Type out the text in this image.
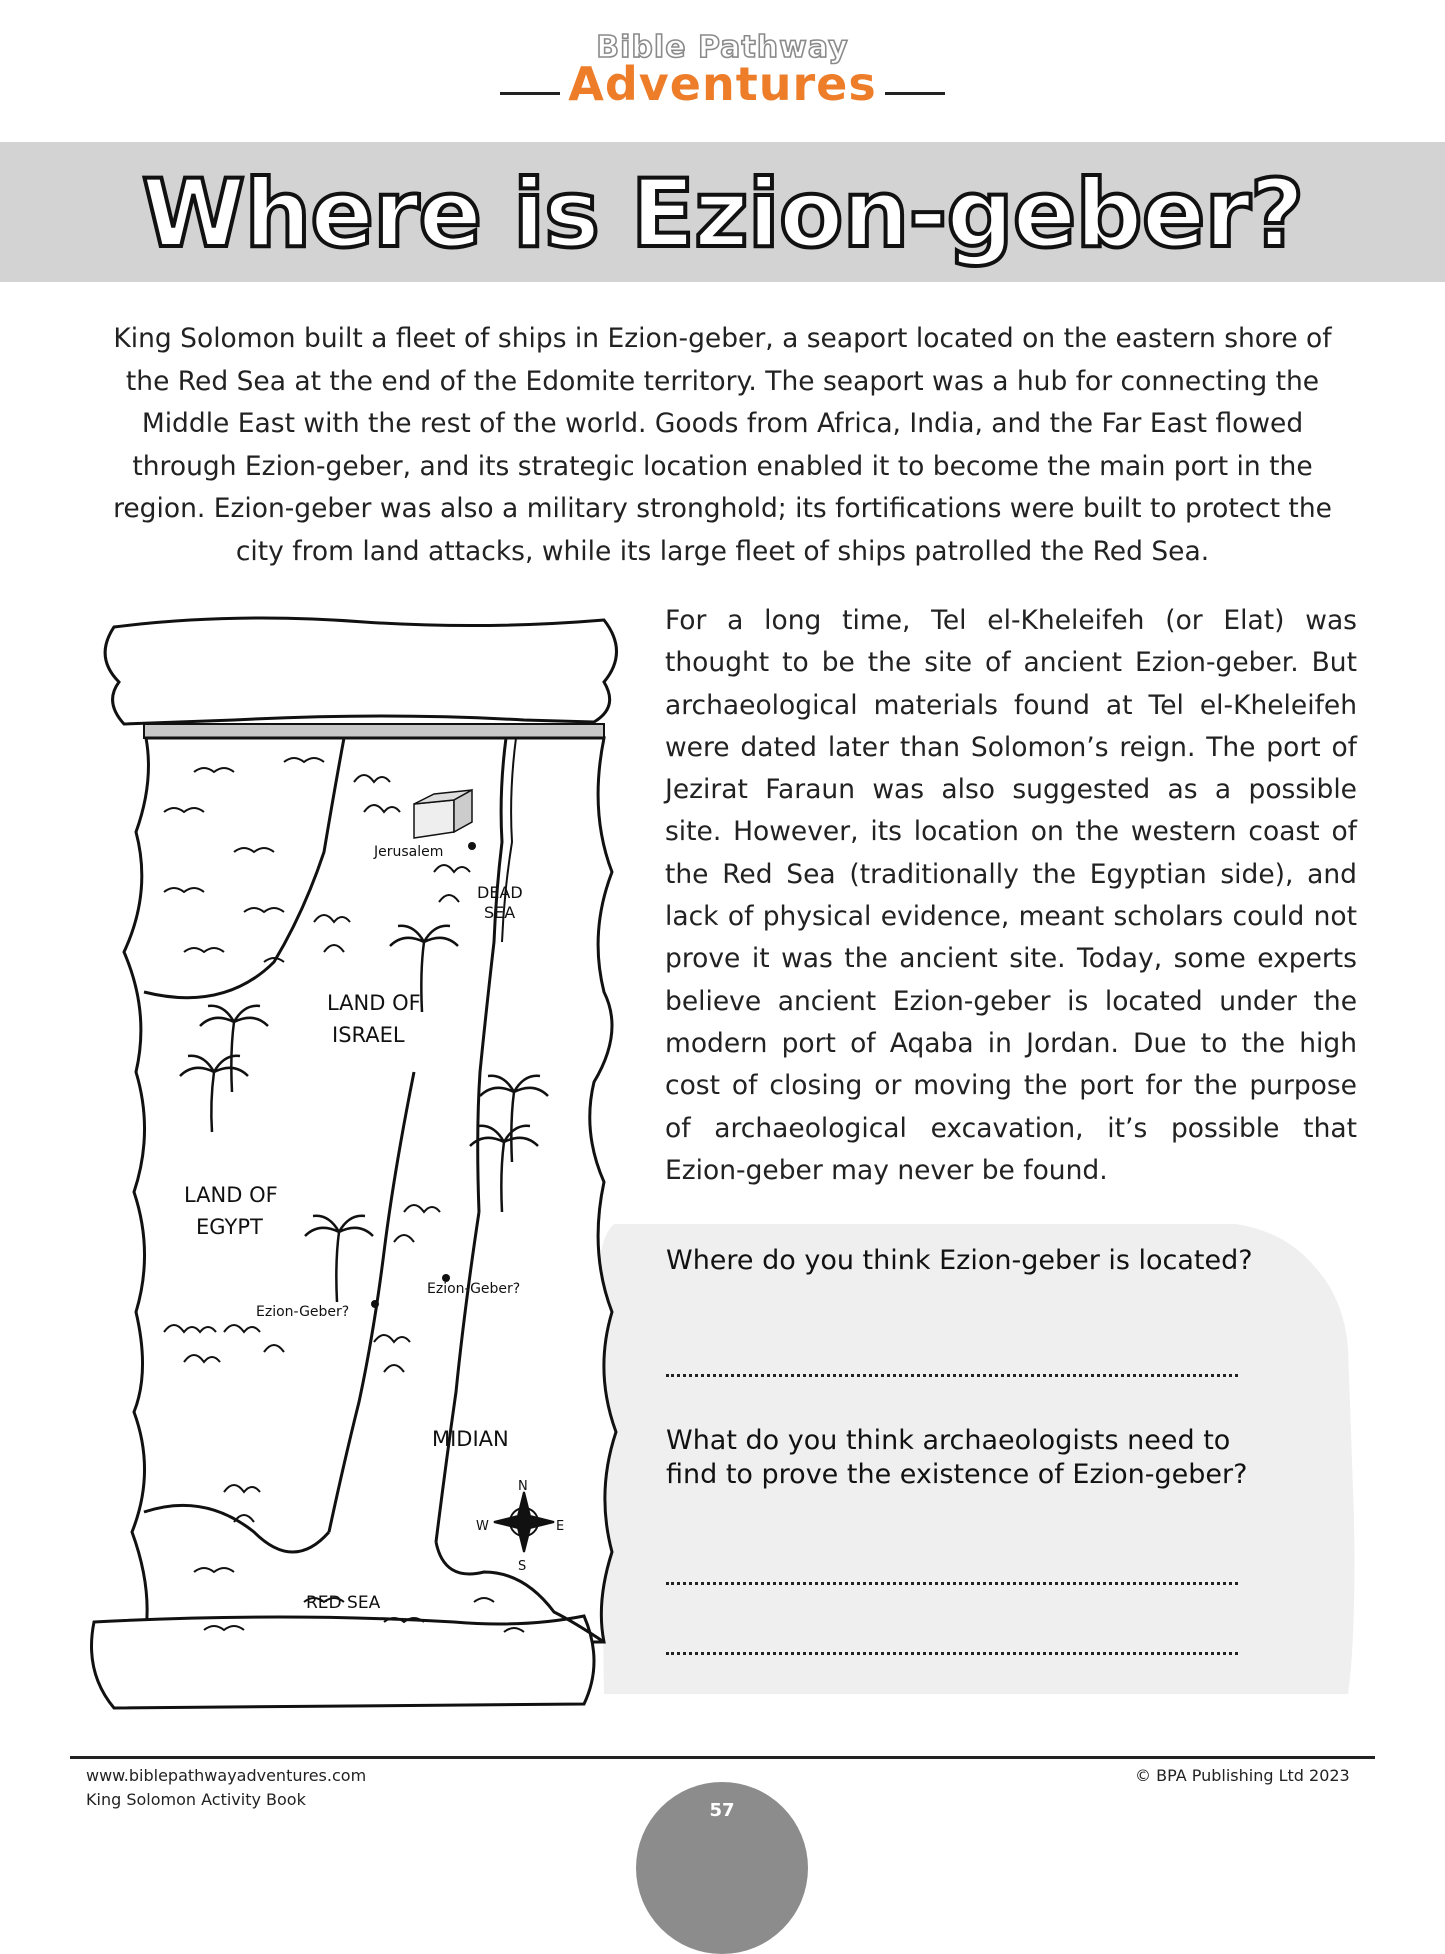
Bible Pathway
Adventures
Where is Ezion-geber?
King Solomon built a fleet of ships in Ezion-geber, a seaport located on the eastern shore of the Red Sea at the end of the Edomite territory. The seaport was a hub for connecting the Middle East with the rest of the world. Goods from Africa, India, and the Far East flowed through Ezion-geber, and its strategic location enabled it to become the main port in the region. Ezion-geber was also a military stronghold; its fortifications were built to protect the city from land attacks, while its large fleet of ships patrolled the Red Sea.
For a long time, Tel el-Kheleifeh (or Elat) was thought to be the site of ancient Ezion-geber. But archaeological materials found at Tel el-Kheleifeh were dated later than Solomon’s reign. The port of Jezirat Faraun was also suggested as a possible site. However, its location on the western coast of the Red Sea (traditionally the Egyptian side), and lack of physical evidence, meant scholars could not prove it was the ancient site. Today, some experts believe ancient Ezion-geber is located under the modern port of Aqaba in Jordan. Due to the high cost of closing or moving the port for the purpose of archaeological excavation, it’s possible that Ezion-geber may never be found.
Where do you think Ezion-geber is located?
What do you think archaeologists need to find to prove the existence of Ezion-geber?
Jerusalem
DEAD
SEA
LAND OF
ISRAEL
LAND OF
EGYPT
Ezion-Geber?
Ezion-Geber?
MIDIAN
RED SEA
N
S
E
W
www.biblepathwayadventures.com
King Solomon Activity Book
© BPA Publishing Ltd 2023
57
